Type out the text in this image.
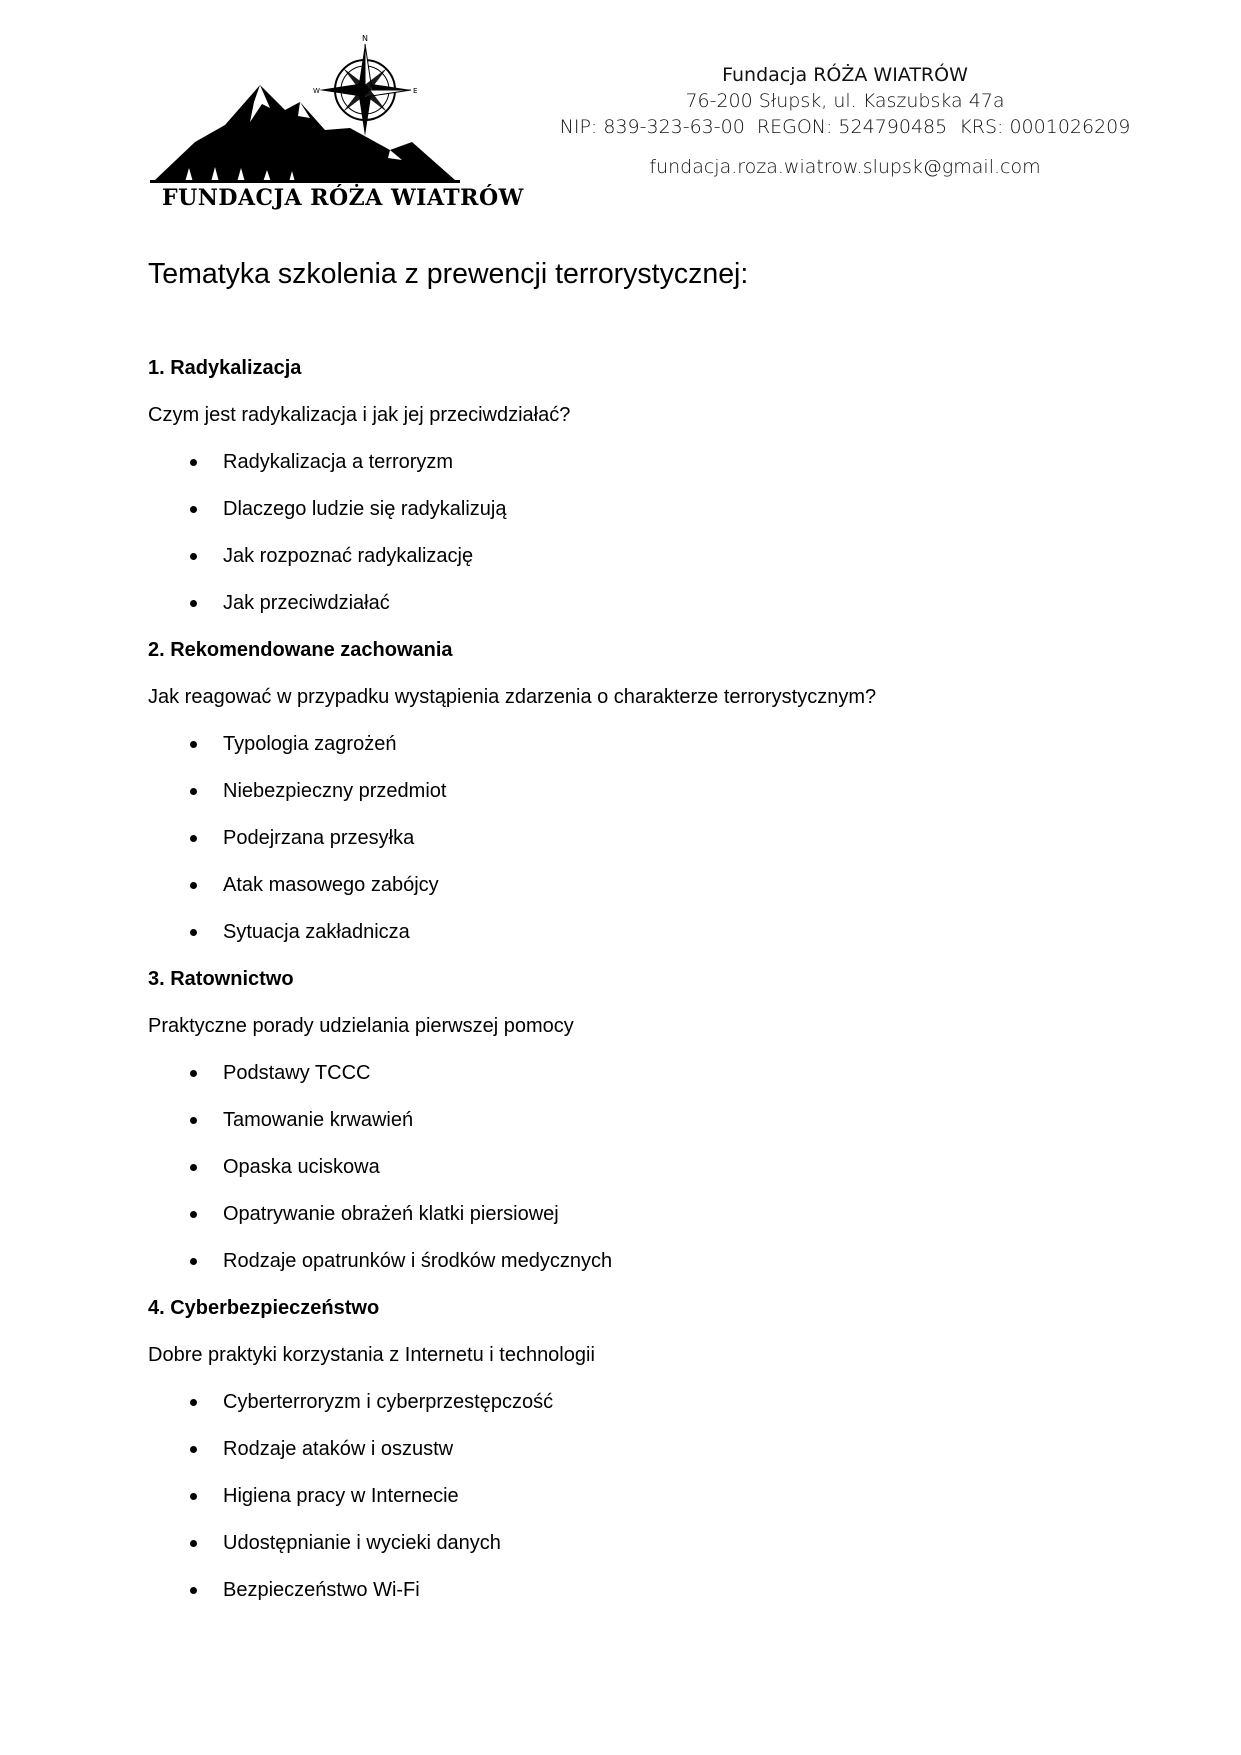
N
W	E
FUNDACJA RÓŻA WIATRÓW
Fundacja RÓŻA WIATRÓW
76-200 Słupsk, ul. Kaszubska 47a
NIP: 839-323-63-00  REGON: 524790485  KRS: 0001026209
fundacja.roza.wiatrow.slupsk@gmail.com
Tematyka szkolenia z prewencji terrorystycznej:

1. Radykalizacja

Czym jest radykalizacja i jak jej przeciwdziałać?

Radykalizacja a terroryzm
Dlaczego ludzie się radykalizują
Jak rozpoznać radykalizację
Jak przeciwdziałać

2. Rekomendowane zachowania

Jak reagować w przypadku wystąpienia zdarzenia o charakterze terrorystycznym?

Typologia zagrożeń
Niebezpieczny przedmiot
Podejrzana przesyłka
Atak masowego zabójcy
Sytuacja zakładnicza

3. Ratownictwo

Praktyczne porady udzielania pierwszej pomocy

Podstawy TCCC
Tamowanie krwawień
Opaska uciskowa
Opatrywanie obrażeń klatki piersiowej
Rodzaje opatrunków i środków medycznych

4. Cyberbezpieczeństwo

Dobre praktyki korzystania z Internetu i technologii

Cyberterroryzm i cyberprzestępczość
Rodzaje ataków i oszustw
Higiena pracy w Internecie
Udostępnianie i wycieki danych
Bezpieczeństwo Wi-Fi
